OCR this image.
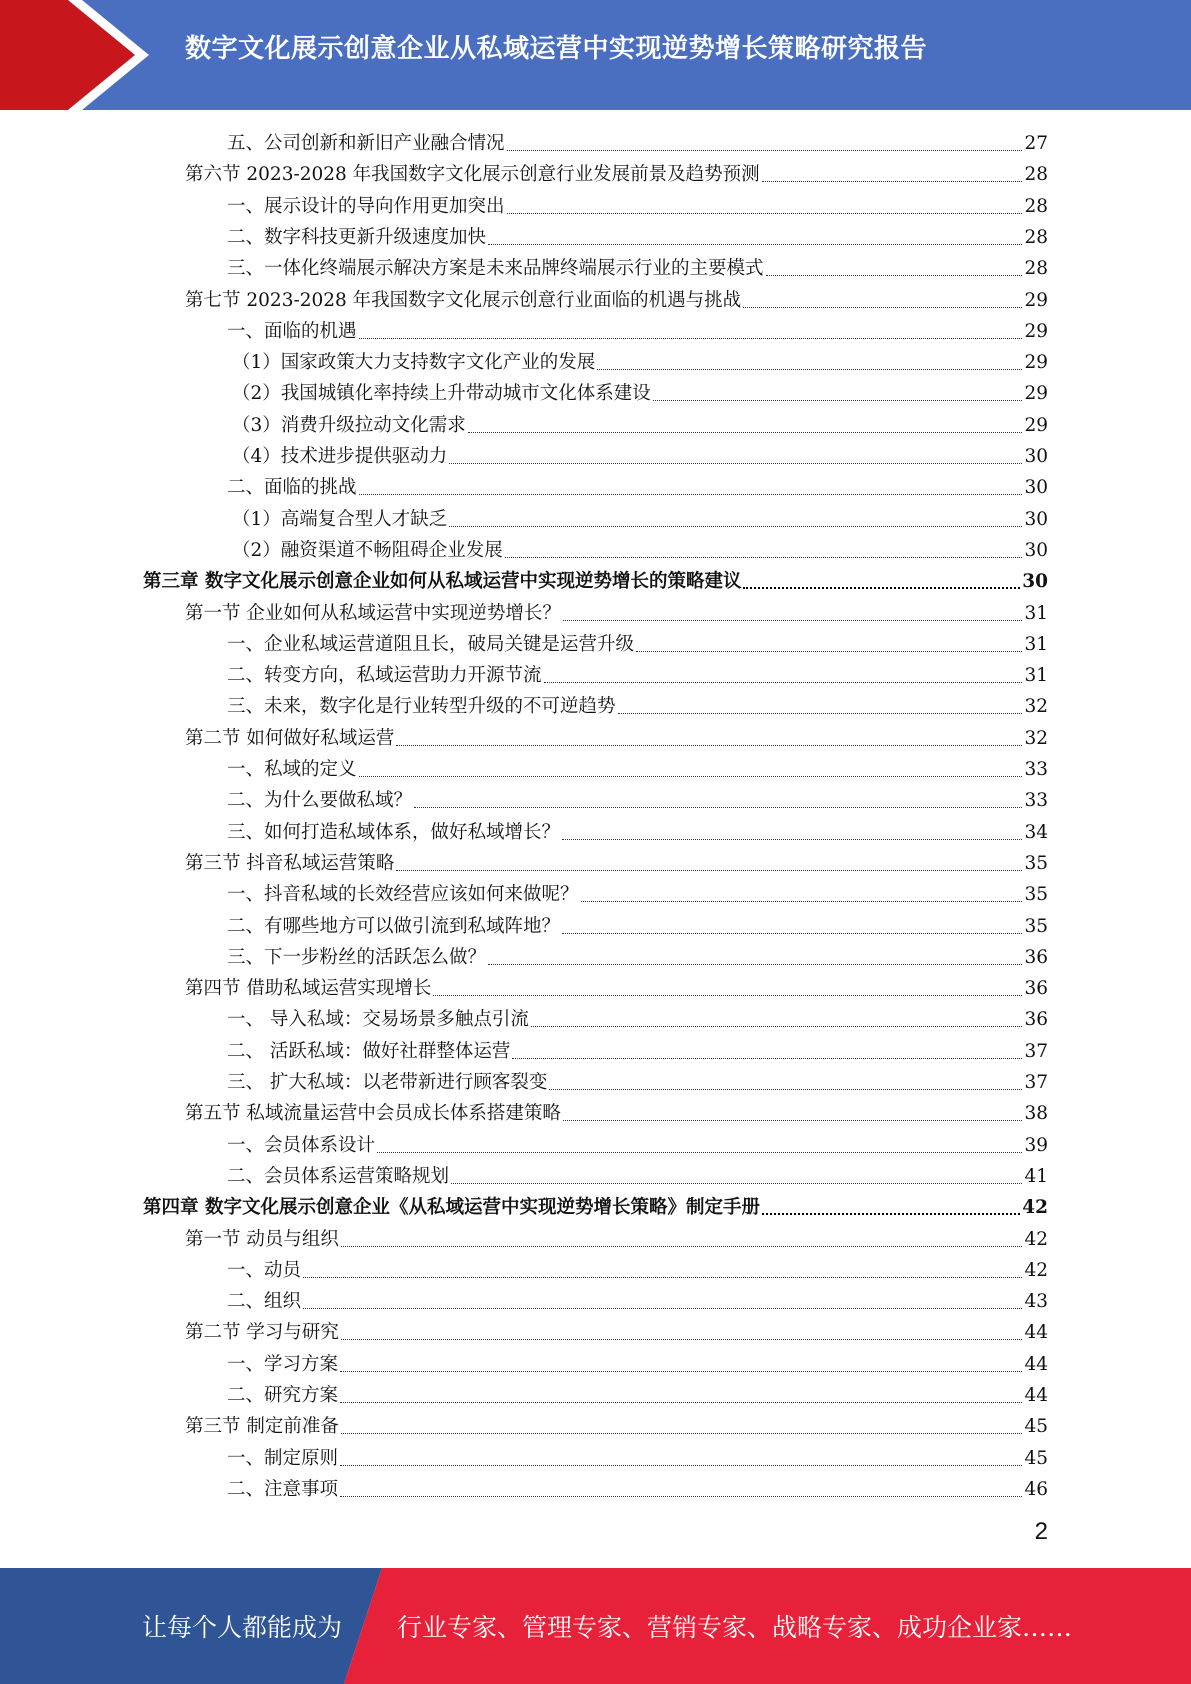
数字文化展示创意企业从私域运营中实现逆势增长策略研究报告
五、公司创新和新旧产业融合情况	27
第六节 2023-2028 年我国数字文化展示创意行业发展前景及趋势预测	28
一、展示设计的导向作用更加突出	28
二、数字科技更新升级速度加快	28
三、一体化终端展示解决方案是未来品牌终端展示行业的主要模式	28
第七节 2023-2028 年我国数字文化展示创意行业面临的机遇与挑战	29
一、面临的机遇	29
（1）国家政策大力支持数字文化产业的发展	29
（2）我国城镇化率持续上升带动城市文化体系建设	29
（3）消费升级拉动文化需求	29
（4）技术进步提供驱动力	30
二、面临的挑战	30
（1）高端复合型人才缺乏	30
（2）融资渠道不畅阻碍企业发展	30
第三章 数字文化展示创意企业如何从私域运营中实现逆势增长的策略建议	30
第一节 企业如何从私域运营中实现逆势增长？	31
一、企业私域运营道阻且长，破局关键是运营升级	31
二、转变方向，私域运营助力开源节流	31
三、未来，数字化是行业转型升级的不可逆趋势	32
第二节 如何做好私域运营	32
一、私域的定义	33
二、为什么要做私域？	33
三、如何打造私域体系，做好私域增长？	34
第三节 抖音私域运营策略	35
一、抖音私域的长效经营应该如何来做呢？	35
二、有哪些地方可以做引流到私域阵地？	35
三、下一步粉丝的活跃怎么做？	36
第四节 借助私域运营实现增长	36
一、 导入私域：交易场景多触点引流	36
二、 活跃私域：做好社群整体运营	37
三、 扩大私域：以老带新进行顾客裂变	37
第五节 私域流量运营中会员成长体系搭建策略	38
一、会员体系设计	39
二、会员体系运营策略规划	41
第四章 数字文化展示创意企业《从私域运营中实现逆势增长策略》制定手册	42
第一节 动员与组织	42
一、动员	42
二、组织	43
第二节 学习与研究	44
一、学习方案	44
二、研究方案	44
第三节 制定前准备	45
一、制定原则	45
二、注意事项	46
2
让每个人都能成为 行业专家、管理专家、营销专家、战略专家、成功企业家……
